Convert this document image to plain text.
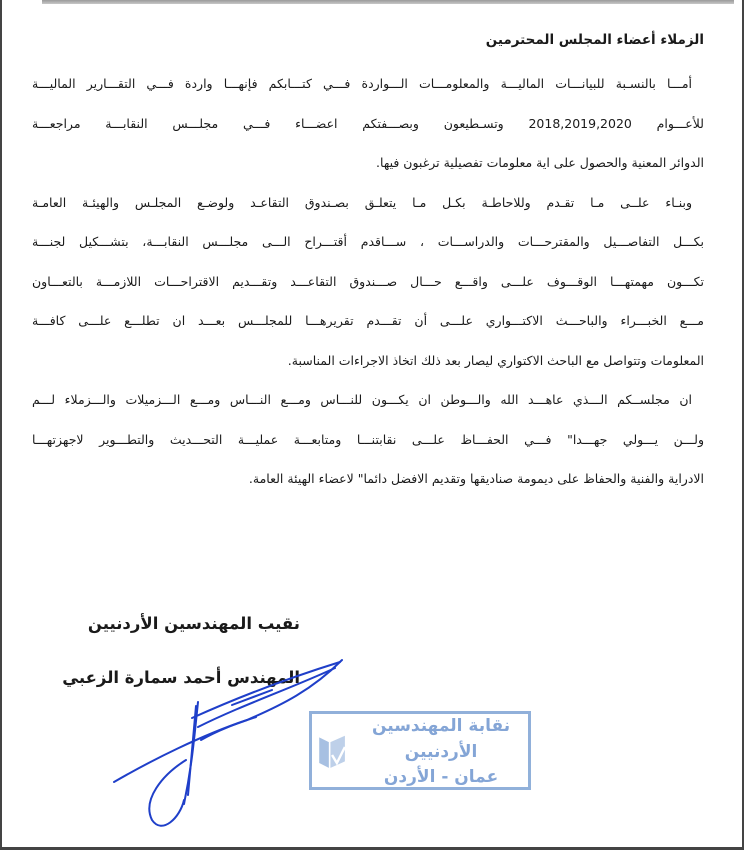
الزملاء أعضاء المجلس المحترمين
أمـــا بالنسـبة للبيانـــات الماليـــة والمعلومـــات الـــواردة فـــي كتـــابكم فإنهـــا واردة فـــي التقـــارير الماليـــة
للأعـــوام 2018,2019,2020 وتسـطيعون وبصـــفتكم اعضـــاء فـــي مجلـــس النقابـــة مراجعـــة
الدوائر المعنية والحصول على اية معلومات تفصيلية ترغبون فيها.
وبنـاء علــى مـا تقـدم وللاحاطـة بكـل مـا يتعلـق بصـندوق التقاعـد ولوضـع المجلـس والهيئـة العامـة
بكـــل التفاصـــيل والمقترحـــات والدراســـات ، ســـاقدم أقتـــراح الـــى مجلـــس النقابـــة، بتشـــكيل لجنـــة
تكـــون مهمتهـــا الوقـــوف علـــى واقـــع حـــال صـــندوق التقاعـــد وتقـــديم الاقتراحـــات اللازمـــة بالتعـــاون
مـــع الخبـــراء والباحـــث الاكتـــواري علـــى أن تقـــدم تقريرهـــا للمجلـــس بعـــد ان تطلـــع علـــى كافـــة
المعلومات وتتواصل مع الباحث الاكتواري ليصار بعد ذلك اتخاذ الاجراءات المناسبة.
ان مجلســكم الـــذي عاهـــد الله والـــوطن ان يكـــون للنـــاس ومـــع النـــاس ومـــع الـــزميلات والـــزملاء لـــم
ولـــن يـــولي جهـــدا" فـــي الحفـــاظ علـــى نقابتنـــا ومتابعـــة عمليـــة التحـــديث والتطـــوير لاجهزتهـــا
الادراية والفنية والحفاظ على ديمومة صناديقها وتقديم الافضل دائما" لاعضاء الهيئة العامة.
نقيب المهندسين الأردنيين
المهندس أحمد سمارة الزعبي
نقابة المهندسين الأردنيين
عمان - الأردن
